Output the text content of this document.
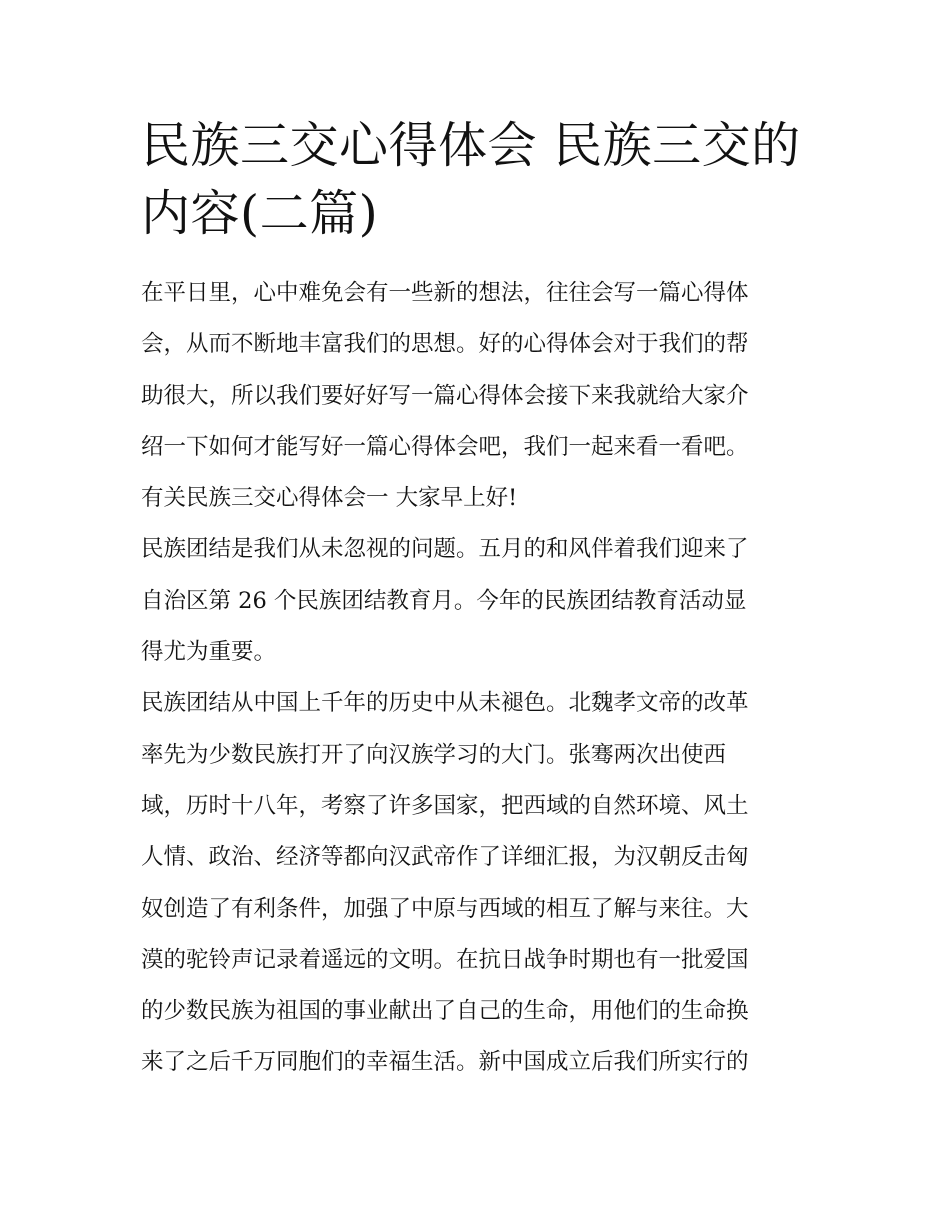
民族三交心得体会 民族三交的
内容(二篇)
在平日里，心中难免会有一些新的想法，往往会写一篇心得体
会，从而不断地丰富我们的思想。好的心得体会对于我们的帮
助很大，所以我们要好好写一篇心得体会接下来我就给大家介
绍一下如何才能写好一篇心得体会吧，我们一起来看一看吧。
有关民族三交心得体会一 大家早上好!
民族团结是我们从未忽视的问题。五月的和风伴着我们迎来了
自治区第 26 个民族团结教育月。今年的民族团结教育活动显
得尤为重要。
民族团结从中国上千年的历史中从未褪色。北魏孝文帝的改革
率先为少数民族打开了向汉族学习的大门。张骞两次出使西
域，历时十八年，考察了许多国家，把西域的自然环境、风土
人情、政治、经济等都向汉武帝作了详细汇报，为汉朝反击匈
奴创造了有利条件，加强了中原与西域的相互了解与来往。大
漠的驼铃声记录着遥远的文明。在抗日战争时期也有一批爱国
的少数民族为祖国的事业献出了自己的生命，用他们的生命换
来了之后千万同胞们的幸福生活。新中国成立后我们所实行的
